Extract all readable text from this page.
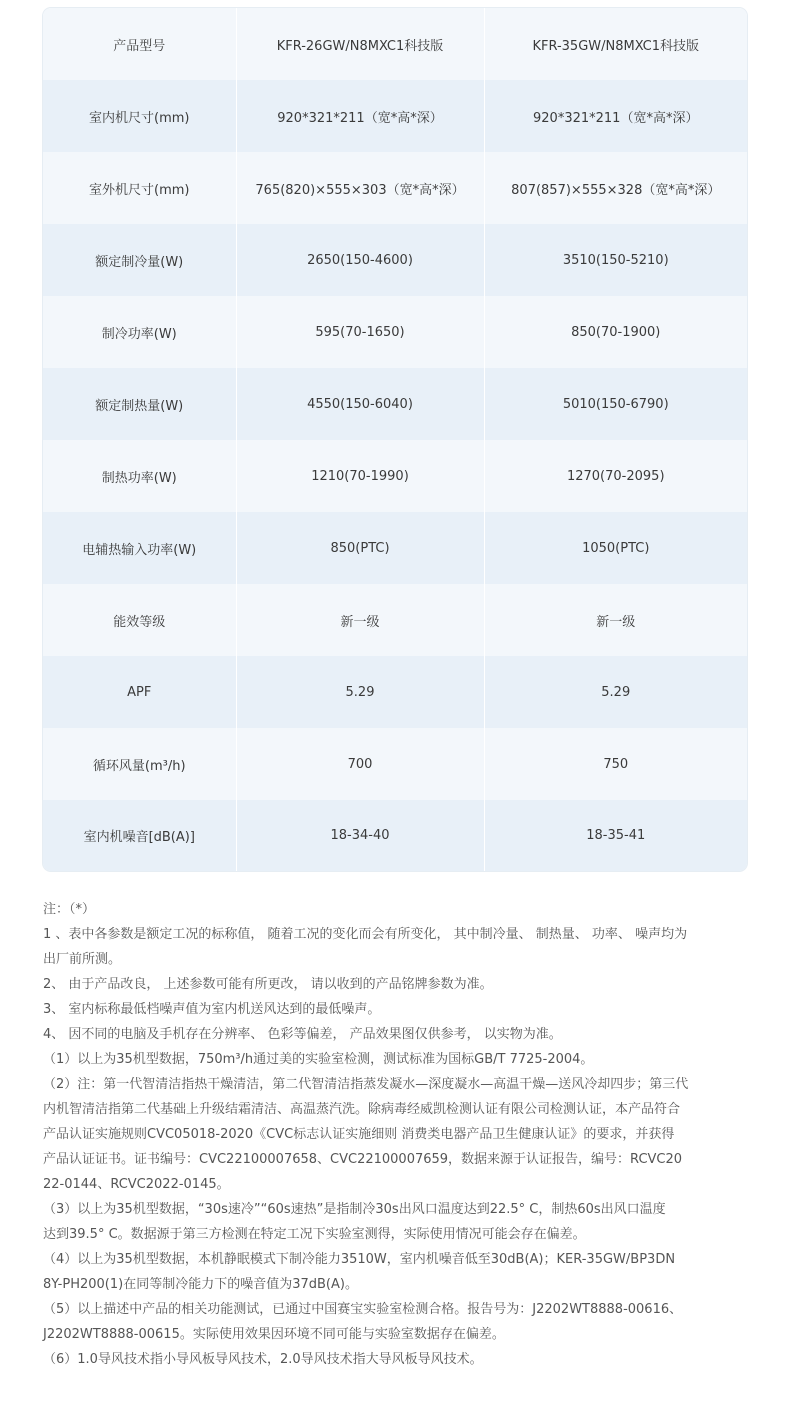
产品型号	KFR-26GW/N8MXC1科技版	KFR-35GW/N8MXC1科技版
室内机尺寸(mm)	920*321*211（宽*高*深）	920*321*211（宽*高*深）
室外机尺寸(mm)	765(820)×555×303（宽*高*深）	807(857)×555×328（宽*高*深）
额定制冷量(W)	2650(150-4600)	3510(150-5210)
制冷功率(W)	595(70-1650)	850(70-1900)
额定制热量(W)	4550(150-6040)	5010(150-6790)
制热功率(W)	1210(70-1990)	1270(70-2095)
电辅热输入功率(W)	850(PTC)	1050(PTC)
能效等级	新一级	新一级
APF	5.29	5.29
循环风量(m³/h)	700	750
室内机噪音[dB(A)]	18-34-40	18-35-41

注：（*）

1 、表中各参数是额定工况的标称值， 随着工况的变化而会有所变化， 其中制冷量、 制热量、 功率、 噪声均为

出厂前所测。

2、 由于产品改良， 上述参数可能有所更改， 请以收到的产品铭牌参数为准。

3、 室内标称最低档噪声值为室内机送风达到的最低噪声。

4、 因不同的电脑及手机存在分辨率、 色彩等偏差， 产品效果图仅供参考， 以实物为准。

（1）以上为35机型数据，750m³/h通过美的实验室检测，测试标准为国标GB/T 7725-2004。

（2）注：第一代智清洁指热干燥清洁，第二代智清洁指蒸发凝水—深度凝水—高温干燥—送风冷却四步；第三代

内机智清洁指第二代基础上升级结霜清洁、高温蒸汽洗。除病毒经威凯检测认证有限公司检测认证，本产品符合

产品认证实施规则CVC05018-2020《CVC标志认证实施细则 消费类电器产品卫生健康认证》的要求，并获得

产品认证证书。证书编号：CVC22100007658、CVC22100007659，数据来源于认证报告，编号：RCVC20

22-0144、RCVC2022-0145。

（3）以上为35机型数据，“30s速冷”“60s速热”是指制冷30s出风口温度达到22.5° C，制热60s出风口温度

达到39.5° C。数据源于第三方检测在特定工况下实验室测得，实际使用情况可能会存在偏差。

（4）以上为35机型数据，本机静眠模式下制冷能力3510W，室内机噪音低至30dB(A)；KER-35GW/BP3DN

8Y-PH200(1)在同等制冷能力下的噪音值为37dB(A)。

（5）以上描述中产品的相关功能测试，已通过中国赛宝实验室检测合格。报告号为：J2202WT8888-00616、

J2202WT8888-00615。实际使用效果因环境不同可能与实验室数据存在偏差。

（6）1.0导风技术指小导风板导风技术，2.0导风技术指大导风板导风技术。
